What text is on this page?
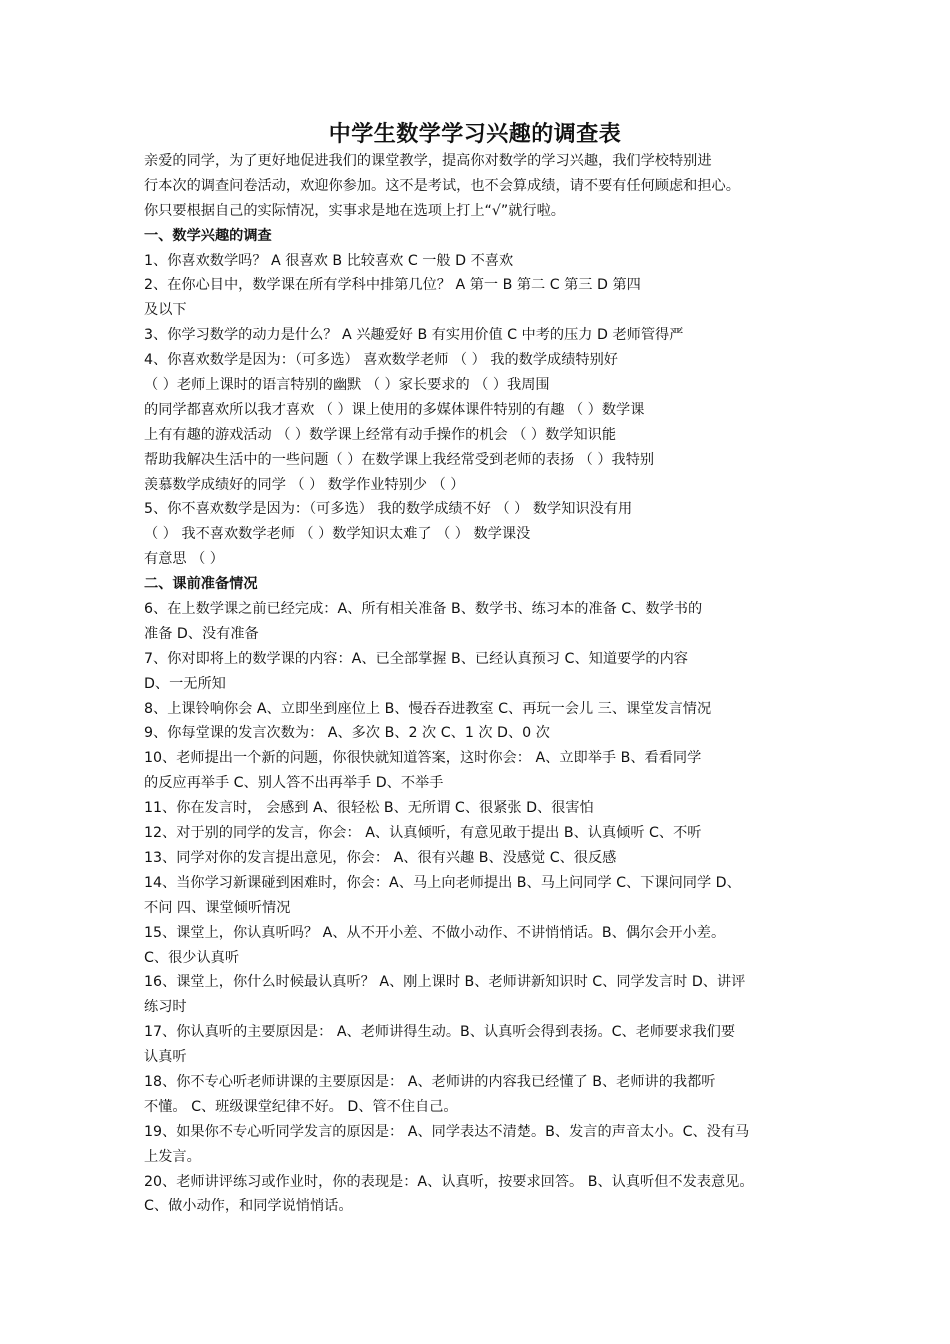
中学生数学学习兴趣的调查表
亲爱的同学，为了更好地促进我们的课堂教学，提高你对数学的学习兴趣，我们学校特别进
行本次的调查问卷活动，欢迎你参加。这不是考试，也不会算成绩，请不要有任何顾虑和担心。
你只要根据自己的实际情况，实事求是地在选项上打上“√”就行啦。
一、数学兴趣的调查
1、你喜欢数学吗？ A 很喜欢 B 比较喜欢 C 一般 D 不喜欢
2、在你心目中，数学课在所有学科中排第几位？ A 第一 B 第二 C 第三 D 第四
及以下
3、你学习数学的动力是什么？ A 兴趣爱好 B 有实用价值 C 中考的压力 D 老师管得严
4、你喜欢数学是因为：（可多选） 喜欢数学老师 （ ） 我的数学成绩特别好
（ ）老师上课时的语言特别的幽默 （ ）家长要求的 （ ）我周围
的同学都喜欢所以我才喜欢 （ ）课上使用的多媒体课件特别的有趣 （ ）数学课
上有有趣的游戏活动 （ ）数学课上经常有动手操作的机会 （ ）数学知识能
帮助我解决生活中的一些问题（ ）在数学课上我经常受到老师的表扬 （ ）我特别
羡慕数学成绩好的同学 （ ） 数学作业特别少 （ ）
5、你不喜欢数学是因为：（可多选） 我的数学成绩不好 （ ） 数学知识没有用
（ ） 我不喜欢数学老师 （ ）数学知识太难了 （ ） 数学课没
有意思 （ ）
二、课前准备情况
6、在上数学课之前已经完成：A、所有相关准备 B、数学书、练习本的准备 C、数学书的
准备 D、没有准备
7、你对即将上的数学课的内容：A、已全部掌握 B、已经认真预习 C、知道要学的内容
D、一无所知
8、上课铃响你会 A、立即坐到座位上 B、慢吞吞进教室 C、再玩一会儿 三、课堂发言情况
9、你每堂课的发言次数为： A、多次 B、2 次 C、1 次 D、0 次
10、老师提出一个新的问题，你很快就知道答案，这时你会： A、立即举手 B、看看同学
的反应再举手 C、别人答不出再举手 D、不举手
11、你在发言时， 会感到 A、很轻松 B、无所谓 C、很紧张 D、很害怕
12、对于别的同学的发言，你会： A、认真倾听，有意见敢于提出 B、认真倾听 C、不听
13、同学对你的发言提出意见，你会： A、很有兴趣 B、没感觉 C、很反感
14、当你学习新课碰到困难时，你会：A、马上向老师提出 B、马上问同学 C、下课问同学 D、
不问 四、课堂倾听情况
15、课堂上，你认真听吗？ A、从不开小差、不做小动作、不讲悄悄话。B、偶尔会开小差。
C、很少认真听
16、课堂上，你什么时候最认真听？ A、刚上课时 B、老师讲新知识时 C、同学发言时 D、讲评
练习时
17、你认真听的主要原因是： A、老师讲得生动。B、认真听会得到表扬。C、老师要求我们要
认真听
18、你不专心听老师讲课的主要原因是： A、老师讲的内容我已经懂了 B、老师讲的我都听
不懂。 C、班级课堂纪律不好。 D、管不住自己。
19、如果你不专心听同学发言的原因是： A、同学表达不清楚。B、发言的声音太小。C、没有马
上发言。
20、老师讲评练习或作业时，你的表现是：A、认真听，按要求回答。 B、认真听但不发表意见。
C、做小动作，和同学说悄悄话。
